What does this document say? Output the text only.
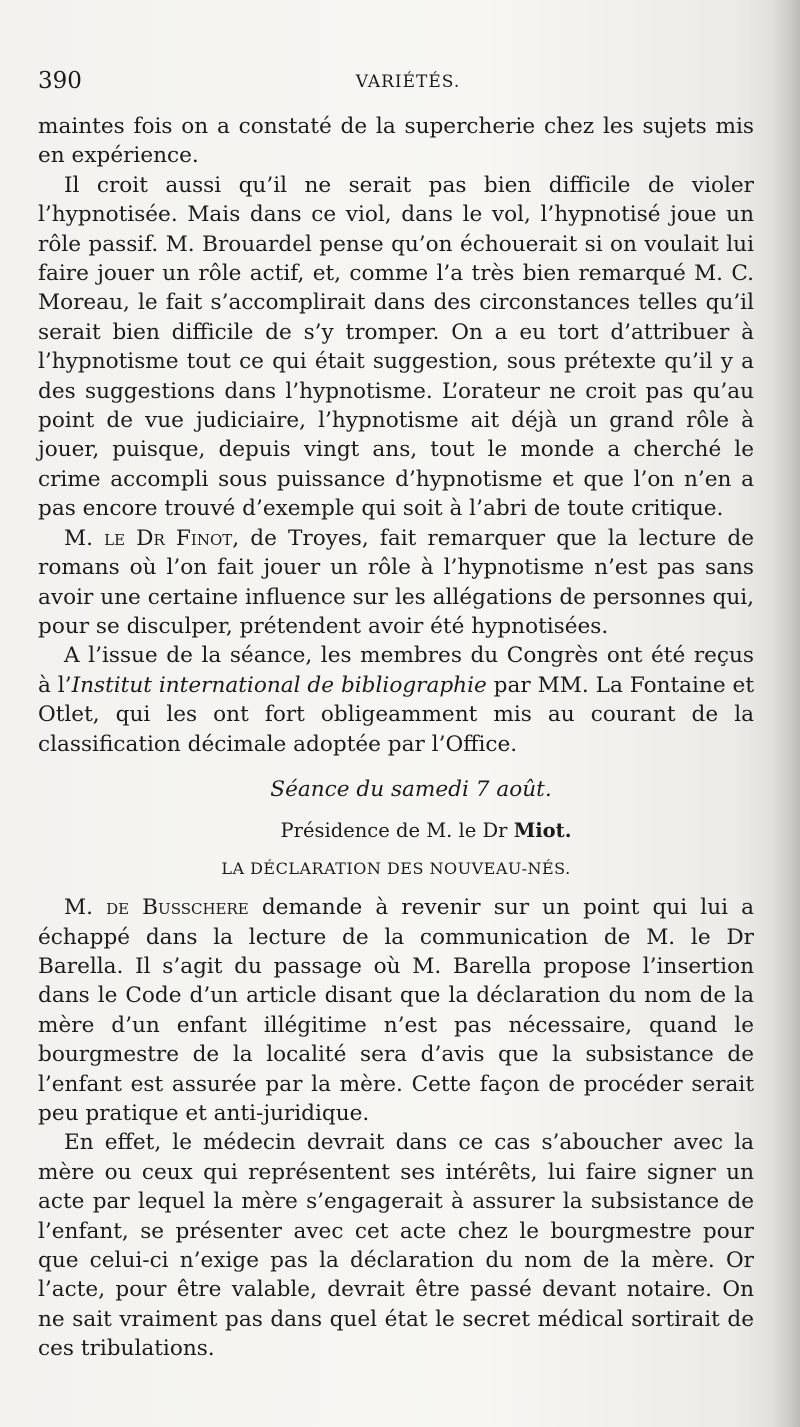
390	VARIÉTÉS.

maintes fois on a constaté de la supercherie chez les sujets mis en expérience.

Il croit aussi qu’il ne serait pas bien difficile de violer l’hypnotisée. Mais dans ce viol, dans le vol, l’hypnotisé joue un rôle passif. M. Brouardel pense qu’on échouerait si on voulait lui faire jouer un rôle actif, et, comme l’a très bien remarqué M. C. Moreau, le fait s’accomplirait dans des circonstances telles qu’il serait bien difficile de s’y tromper. On a eu tort d’attribuer à l’hypnotisme tout ce qui était suggestion, sous prétexte qu’il y a des suggestions dans l’hypnotisme. L’orateur ne croit pas qu’au point de vue judiciaire, l’hypnotisme ait déjà un grand rôle à jouer, puisque, depuis vingt ans, tout le monde a cherché le crime accompli sous puissance d’hypnotisme et que l’on n’en a pas encore trouvé d’exemple qui soit à l’abri de toute critique.

M. le Dr Finot, de Troyes, fait remarquer que la lecture de romans où l’on fait jouer un rôle à l’hypnotisme n’est pas sans avoir une certaine influence sur les allégations de personnes qui, pour se disculper, prétendent avoir été hypnotisées.

A l’issue de la séance, les membres du Congrès ont été reçus à l’Institut international de bibliographie par MM. La Fontaine et Otlet, qui les ont fort obligeamment mis au courant de la classification décimale adoptée par l’Office.

Séance du samedi 7 août.

Présidence de M. le Dr Miot.

LA DÉCLARATION DES NOUVEAU-NÉS.

M. de Busschere demande à revenir sur un point qui lui a échappé dans la lecture de la communication de M. le Dr Barella. Il s’agit du passage où M. Barella propose l’insertion dans le Code d’un article disant que la déclaration du nom de la mère d’un enfant illégitime n’est pas nécessaire, quand le bourgmestre de la localité sera d’avis que la subsistance de l’enfant est assurée par la mère. Cette façon de procéder serait peu pratique et anti-juridique.

En effet, le médecin devrait dans ce cas s’aboucher avec la mère ou ceux qui représentent ses intérêts, lui faire signer un acte par lequel la mère s’engagerait à assurer la subsistance de l’enfant, se présenter avec cet acte chez le bourgmestre pour que celui-ci n’exige pas la déclaration du nom de la mère. Or l’acte, pour être valable, devrait être passé devant notaire. On ne sait vraiment pas dans quel état le secret médical sortirait de ces tribulations.
